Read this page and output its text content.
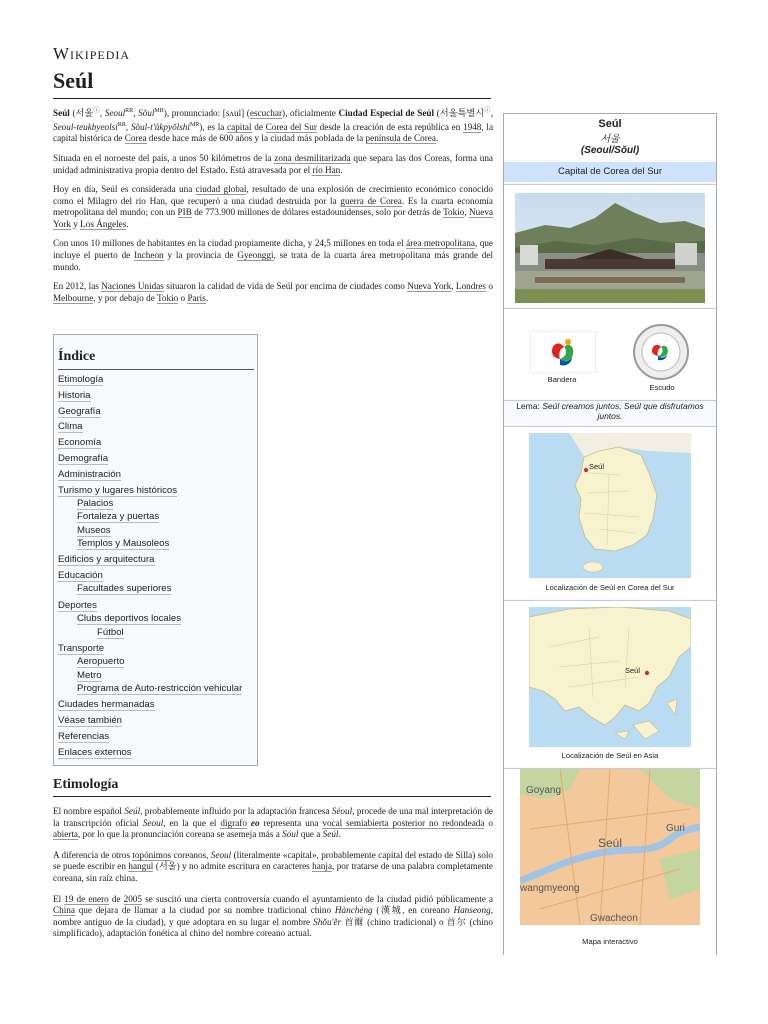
Wikipedia
Seúl

Seúl (서울ⓘ, Seoul$^{RR}$, Sŏul$^{MR}$), pronunciado: [sʌul] (escuchar), oficialmente Ciudad Especial de Seúl (서울특별시ⓘ, Seoul-teukbyeolsi$^{RR}$, Sŏul-t'ŭkpyŏlshi$^{MR}$), es la capital de Corea del Sur desde la creación de esta república en 1948, la capital histórica de Corea desde hace más de 600 años y la ciudad más poblada de la península de Corea.

Situada en el noroeste del país, a unos 50 kilómetros de la zona desmilitarizada que separa las dos Coreas, forma una unidad administrativa propia dentro del Estado. Está atravesada por el río Han.

Hoy en día, Seúl es considerada una ciudad global, resultado de una explosión de crecimiento económico conocido como el Milagro del río Han, que recuperó a una ciudad destruida por la guerra de Corea. Es la cuarta economía metropolitana del mundo; con un PIB de 773.900 millones de dólares estadounidenses, solo por detrás de Tokio, Nueva York y Los Ángeles.

Con unos 10 millones de habitantes en la ciudad propiamente dicha, y 24,5 millones en toda el área metropolitana, que incluye el puerto de Incheon y la provincia de Gyeonggi, se trata de la cuarta área metropolitana más grande del mundo.

En 2012, las Naciones Unidas situaron la calidad de vida de Seúl por encima de ciudades como Nueva York, Londres o Melbourne, y por debajo de Tokio o París.

Índice
Etimología
Historia
Geografía
Clima
Economía
Demografía
Administración
Turismo y lugares históricos
Palacios
Fortaleza y puertas
Museos
Templos y Mausoleos
Edificios y arquitectura
Educación
Facultades superiores
Deportes
Clubs deportivos locales
Fútbol
Transporte
Aeropuerto
Metro
Programa de Auto-restricción vehicular
Ciudades hermanadas
Véase también
Referencias
Enlaces externos
Etimología

El nombre español Seúl, probablemente influido por la adaptación francesa Séoul, procede de una mal interpretación de la transcripción oficial Seoul, en la que el dígrafo eo representa una vocal semiabierta posterior no redondeada o abierta, por lo que la pronunciación coreana se asemeja más a Sóul que a Seúl.

A diferencia de otros topónimos coreanos, Seoul (literalmente «capital», probablemente capital del estado de Silla) solo se puede escribir en hangul (서울) y no admite escritura en caracteres hanja, por tratarse de una palabra completamente coreana, sin raíz china.

El 19 de enero de 2005 se suscitó una cierta controversia cuando el ayuntamiento de la ciudad pidió públicamente a China que dejara de llamar a la ciudad por su nombre tradicional chino Hànchéng (漢城, en coreano Hanseong, nombre antiguo de la ciudad), y que adoptara en su lugar el nombre Shǒu'ěr 首爾 (chino tradicional) o 首尔 (chino simplificado), adaptación fonética al chino del nombre coreano actual.

Seúl
서울
(Seoul/Sŏul)
Capital de Corea del Sur
Bandera
Escudo
Lema: Seúl creamos juntos, Seúl que disfrutamos juntos.
Seúl
Localización de Seúl en Corea del Sur
Seúl
Localización de Seúl en Asia
Goyang
Seúl
Guri
wangmyeong
Gwacheon
Mapa interactivo
